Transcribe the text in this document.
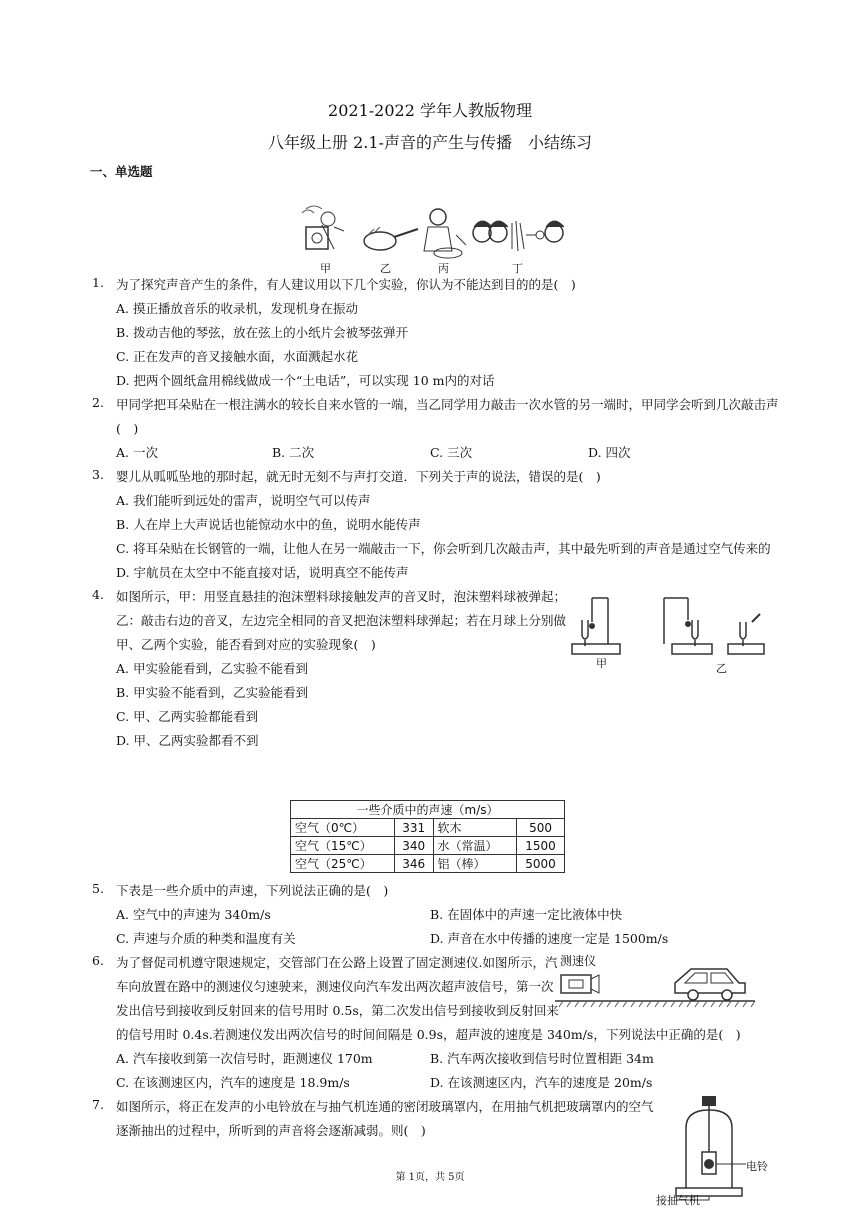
2021-2022 学年人教版物理
八年级上册 2.1-声音的产生与传播　小结练习
一、单选题
甲	乙	丙	丁
1. 为了探究声音产生的条件，有人建议用以下几个实验，你认为不能达到目的的是(　)
A. 摸正播放音乐的收录机，发现机身在振动
B. 拨动吉他的琴弦，放在弦上的小纸片会被琴弦弹开
C. 正在发声的音叉接触水面，水面溅起水花
D. 把两个圆纸盒用棉线做成一个“土电话”，可以实现 10 m内的对话
2. 甲同学把耳朵贴在一根注满水的较长自来水管的一端，当乙同学用力敲击一次水管的另一端时，甲同学会听到几次敲击声
(　)
A. 一次	B. 二次	C. 三次	D. 四次
3. 婴儿从呱呱坠地的那时起，就无时无刻不与声打交道．下列关于声的说法，错误的是(　)
A. 我们能听到远处的雷声，说明空气可以传声
B. 人在岸上大声说话也能惊动水中的鱼，说明水能传声
C. 将耳朵贴在长钢管的一端，让他人在另一端敲击一下，你会听到几次敲击声，其中最先听到的声音是通过空气传来的
D. 宇航员在太空中不能直接对话，说明真空不能传声
4. 如图所示，甲：用竖直悬挂的泡沫塑料球接触发声的音叉时，泡沫塑料球被弹起；
乙：敲击右边的音叉，左边完全相同的音叉把泡沫塑料球弹起；若在月球上分别做
甲、乙两个实验，能否看到对应的实验现象(　)
A. 甲实验能看到，乙实验不能看到
B. 甲实验不能看到，乙实验能看到
C. 甲、乙两实验都能看到
D. 甲、乙两实验都看不到
甲	乙
一些介质中的声速（m/s）			
空气（0℃）	331	软木	500
空气（15℃）	340	水（常温）	1500
空气（25℃）	346	铝（棒）	5000
5. 下表是一些介质中的声速，下列说法正确的是(　)
A. 空气中的声速为 340m/s	B. 在固体中的声速一定比液体中快
C. 声速与介质的种类和温度有关	D. 声音在水中传播的速度一定是 1500m/s
6. 为了督促司机遵守限速规定，交管部门在公路上设置了固定测速仪.如图所示，汽
车向放置在路中的测速仪匀速驶来，测速仪向汽车发出两次超声波信号，第一次
发出信号到接收到反射回来的信号用时 0.5s，第二次发出信号到接收到反射回来
的信号用时 0.4s.若测速仪发出两次信号的时间间隔是 0.9s，超声波的速度是 340m/s，下列说法中正确的是(　)
A. 汽车接收到第一次信号时，距测速仪 170m	B. 汽车两次接收到信号时位置相距 34m
C. 在该测速区内，汽车的速度是 18.9m/s	D. 在该测速区内，汽车的速度是 20m/s
测速仪
7. 如图所示，将正在发声的小电铃放在与抽气机连通的密闭玻璃罩内，在用抽气机把玻璃罩内的空气
逐渐抽出的过程中，所听到的声音将会逐渐减弱。则(　)
电铃
接抽气机
第 1页，共 5页
